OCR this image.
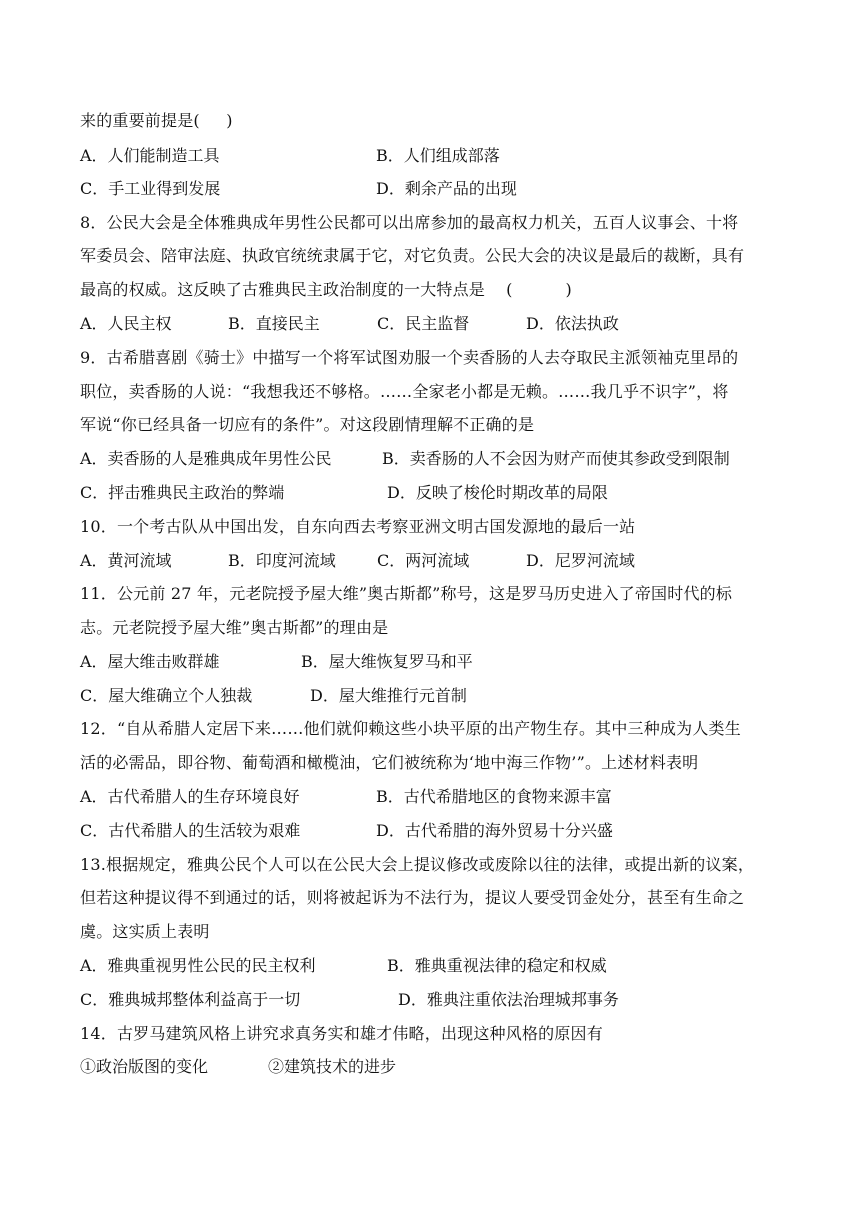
来的重要前提是(     )

A．人们能制造工具

	B．人们组成部落

C．手工业得到发展

	D．剩余产品的出现

8．公民大会是全体雅典成年男性公民都可以出席参加的最高权力机关，五百人议事会、十将
军委员会、陪审法庭、执政官统统隶属于它，对它负责。公民大会的决议是最后的裁断，具有
最高的权威。这反映了古雅典民主政治制度的一大特点是    (          )

A．人民主权

	B．直接民主

	C．民主监督

	D．依法执政

9．古希腊喜剧《骑士》中描写一个将军试图劝服一个卖香肠的人去夺取民主派领袖克里昂的
职位，卖香肠的人说：“我想我还不够格。……全家老小都是无赖。……我几乎不识字”，将
军说“你已经具备一切应有的条件”。对这段剧情理解不正确的是

A．卖香肠的人是雅典成年男性公民

	B．卖香肠的人不会因为财产而使其参政受到限制

C．抨击雅典民主政治的弊端

	D．反映了梭伦时期改革的局限

10．一个考古队从中国出发，自东向西去考察亚洲文明古国发源地的最后一站

A．黄河流域

	B．印度河流域

	C．两河流域

	D．尼罗河流域

11．公元前 27 年，元老院授予屋大维”奥古斯都”称号，这是罗马历史进入了帝国时代的标
志。元老院授予屋大维”奥古斯都”的理由是

A．屋大维击败群雄

	B．屋大维恢复罗马和平

C．屋大维确立个人独裁

	D．屋大维推行元首制

12．“自从希腊人定居下来……他们就仰赖这些小块平原的出产物生存。其中三种成为人类生
活的必需品，即谷物、葡萄酒和橄榄油，它们被统称为‘地中海三作物’”。上述材料表明

A．古代希腊人的生存环境良好

	B．古代希腊地区的食物来源丰富

C．古代希腊人的生活较为艰难

	D．古代希腊的海外贸易十分兴盛

13.根据规定，雅典公民个人可以在公民大会上提议修改或废除以往的法律，或提出新的议案，
但若这种提议得不到通过的话，则将被起诉为不法行为，提议人要受罚金处分，甚至有生命之
虞。这实质上表明

A．雅典重视男性公民的民主权利

	B．雅典重视法律的稳定和权威

C．雅典城邦整体利益高于一切

	D．雅典注重依法治理城邦事务

14．古罗马建筑风格上讲究求真务实和雄才伟略，出现这种风格的原因有

①政治版图的变化

	②建筑技术的进步
